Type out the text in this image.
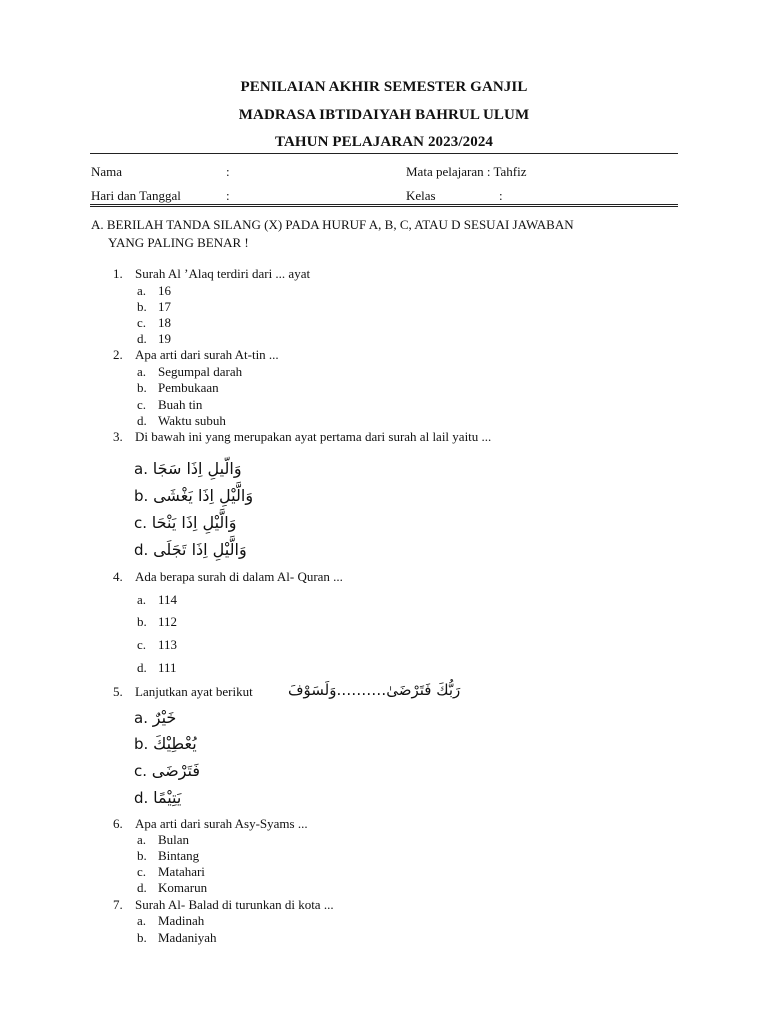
PENILAIAN AKHIR SEMESTER GANJIL
MADRASA IBTIDAIYAH BAHRUL ULUM
TAHUN PELAJARAN 2023/2024
Nama	:	Mata pelajaran : Tahfiz
Hari dan Tanggal	:	Kelas	:
A. BERILAH TANDA SILANG (X) PADA HURUF A, B, C, ATAU D SESUAI JAWABAN
YANG PALING BENAR !
1. Surah Al ’Alaq terdiri dari ... ayat
a. 16
b. 17
c. 18
d. 19
2. Apa arti dari surah At-tin ...
a. Segumpal darah
b. Pembukaan
c. Buah tin
d. Waktu subuh
3. Di bawah ini yang merupakan ayat pertama dari surah al lail yaitu ...
a. وَالّيلِ اِذَا سَجَا
b. وَالَّيْلِ اِذَا يَغْشَى
c. وَالَّيْلِ اِذَا يَنْحَا
d. وَالَّيْلِ اِذَا تَجَلَى
4. Ada berapa surah di dalam Al- Quran ...
a. 114
b. 112
c. 113
d. 111
5. Lanjutkan ayat berikut رَبُّكَ فَتَرْضَىٰ……….وَلَسَوْفَ
a. خَيْرٌ
b. يُعْطِيْكَ
c. فَتَرْضَى
d. يَتِيْمًا
6. Apa arti dari surah Asy-Syams ...
a. Bulan
b. Bintang
c. Matahari
d. Komarun
7. Surah Al- Balad di turunkan di kota ...
a. Madinah
b. Madaniyah
